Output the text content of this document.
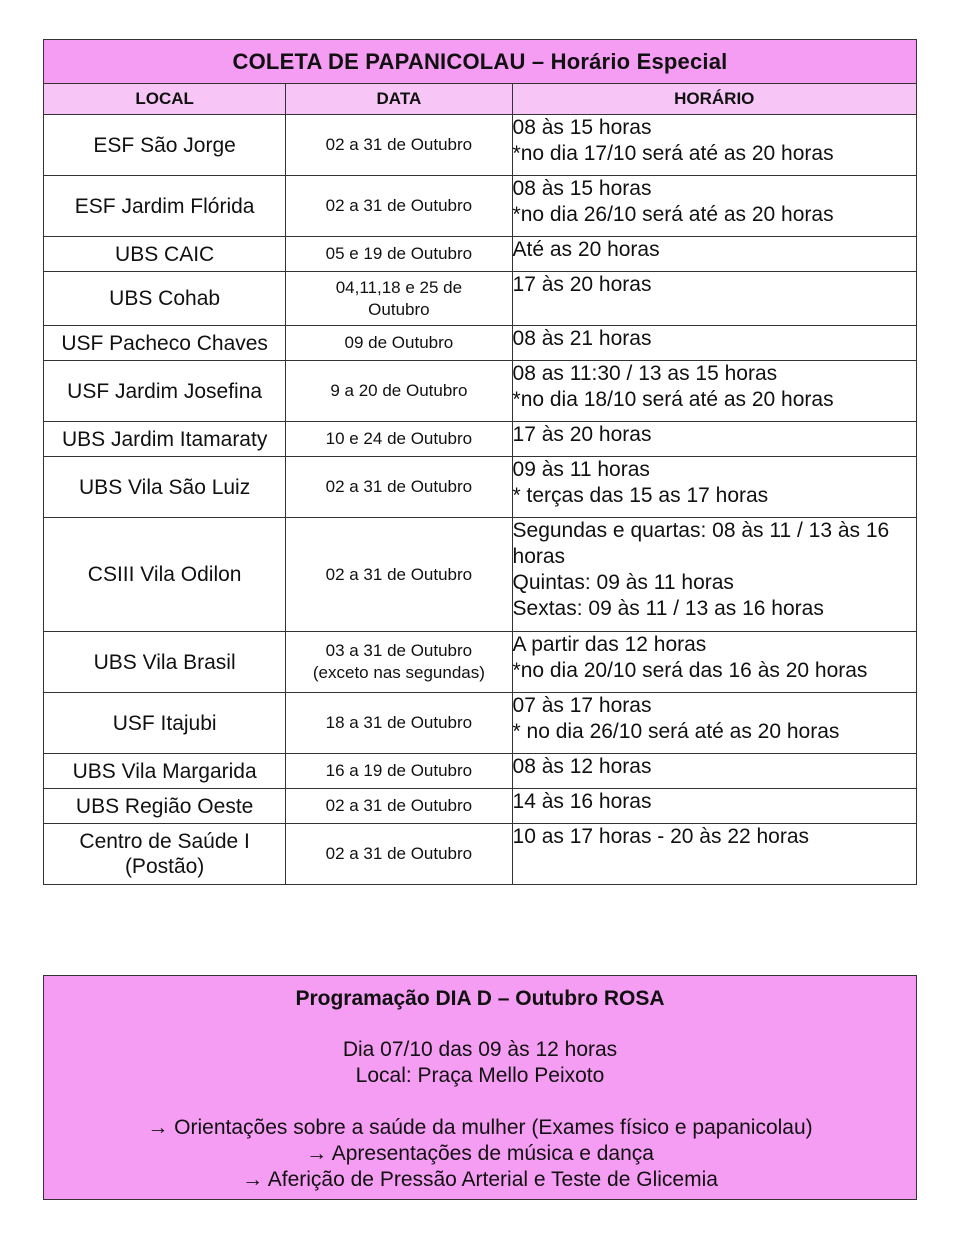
COLETA DE PAPANICOLAU – Horário Especial		
LOCAL	DATA	HORÁRIO

ESF São Jorge	02 a 31 de Outubro	08 às 15 horas
*no dia 17/10 será até as 20 horas

ESF Jardim Flórida	02 a 31 de Outubro	08 às 15 horas
*no dia 26/10 será até as 20 horas

UBS CAIC	05 e 19 de Outubro	Até as 20 horas

UBS Cohab	04,11,18 e 25 de
Outubro	17 às 20 horas

USF Pacheco Chaves	09 de Outubro	08 às 21 horas

USF Jardim Josefina	9 a 20 de Outubro	08 as 11:30 / 13 as 15 horas
*no dia 18/10 será até as 20 horas

UBS Jardim Itamaraty	10 e 24 de Outubro	17 às 20 horas

UBS Vila São Luiz	02 a 31 de Outubro	09 às 11 horas
* terças das 15 as 17 horas

CSIII Vila Odilon	02 a 31 de Outubro	Segundas e quartas: 08 às 11 / 13 às 16 horas
Quintas: 09 às 11 horas
Sextas: 09 às 11 / 13 as 16 horas

UBS Vila Brasil	03 a 31 de Outubro
(exceto nas segundas)	A partir das 12 horas
*no dia 20/10 será das 16 às 20 horas

USF Itajubi	18 a 31 de Outubro	07 às 17 horas
* no dia 26/10 será até as 20 horas

UBS Vila Margarida	16 a 19 de Outubro	08 às 12 horas

UBS Região Oeste	02 a 31 de Outubro	14 às 16 horas

Centro de Saúde I
(Postão)	02 a 31 de Outubro	10 as 17 horas - 20 às 22 horas
Programação DIA D – Outubro ROSA
Dia 07/10 das 09 às 12 horas
Local: Praça Mello Peixoto
→ Orientações sobre a saúde da mulher (Exames físico e papanicolau)
→ Apresentações de música e dança
→ Aferição de Pressão Arterial e Teste de Glicemia
